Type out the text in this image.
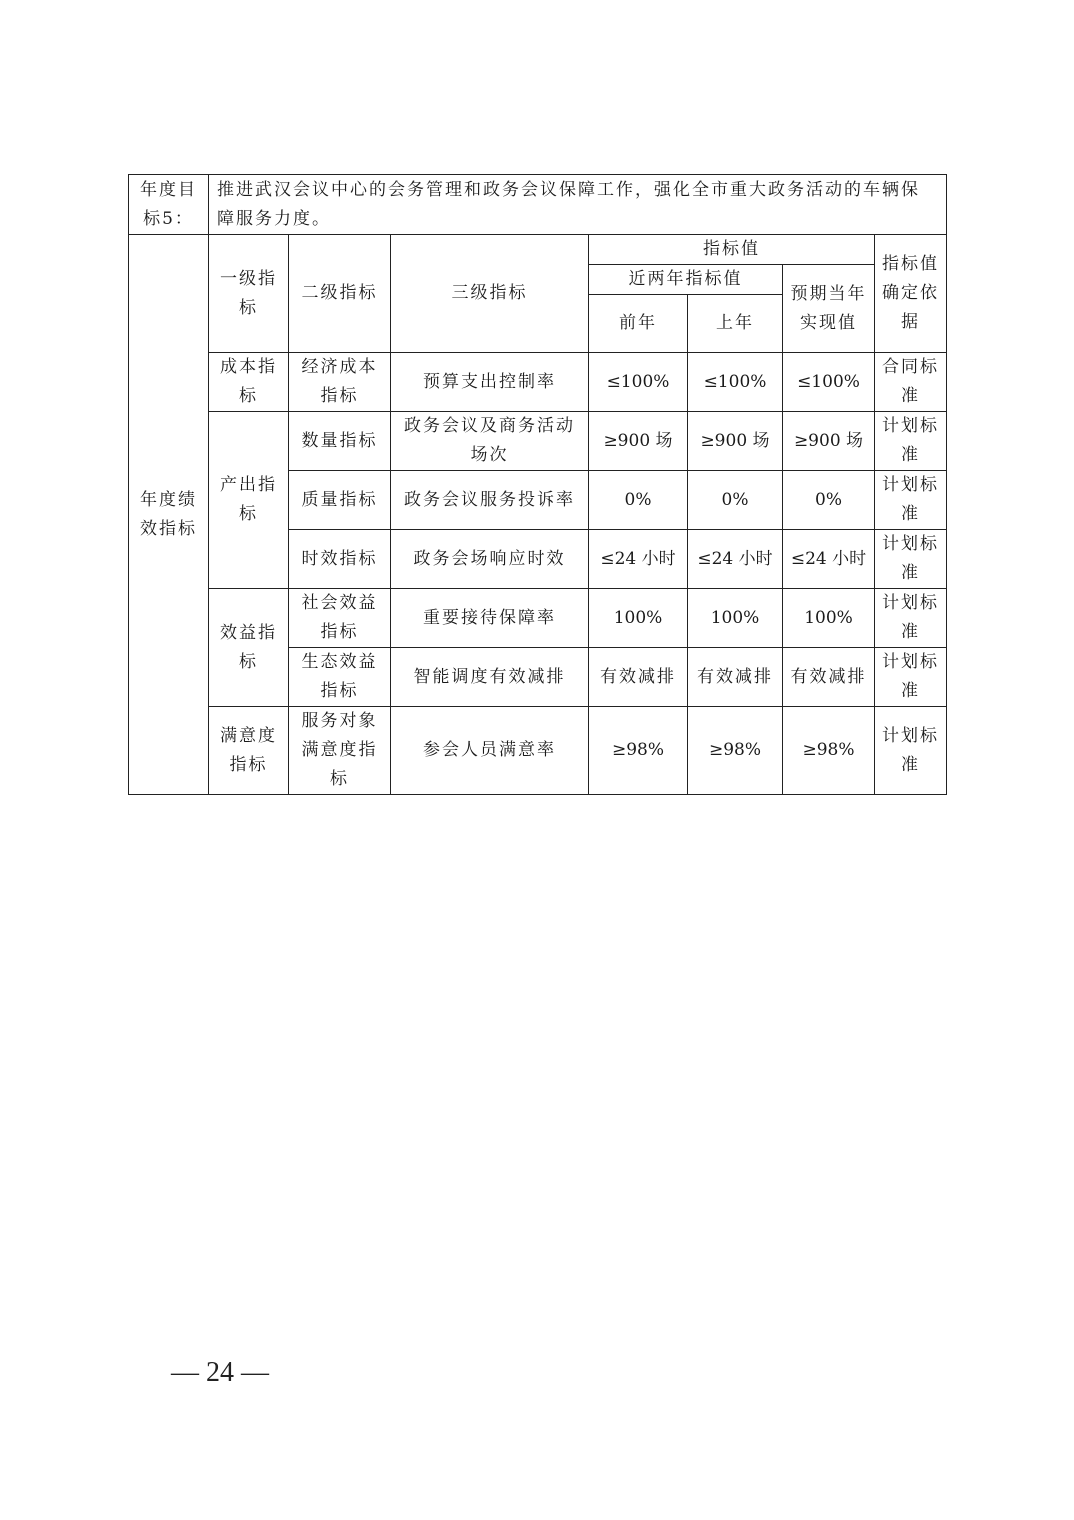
年度目标5：	推进武汉会议中心的会务管理和政务会议保障工作，强化全市重大政务活动的车辆保障服务力度。						
年度绩效指标	一级指标	二级指标	三级指标	指标值			指标值确定依据
				近两年指标值		预期当年实现值	
				前年	上年		

	成本指标	经济成本指标	预算支出控制率	≤100%	≤100%	≤100%	合同标准
	产出指标	数量指标	政务会议及商务活动场次	≥900 场	≥900 场	≥900 场	计划标准
		质量指标	政务会议服务投诉率	0%	0%	0%	计划标准
		时效指标	政务会场响应时效	≤24 小时	≤24 小时	≤24 小时	计划标准
	效益指标	社会效益指标	重要接待保障率	100%	100%	100%	计划标准
		生态效益指标	智能调度有效减排	有效减排	有效减排	有效减排	计划标准
	满意度指标	服务对象满意度指标	参会人员满意率	≥98%	≥98%	≥98%	计划标准
— 24 —
